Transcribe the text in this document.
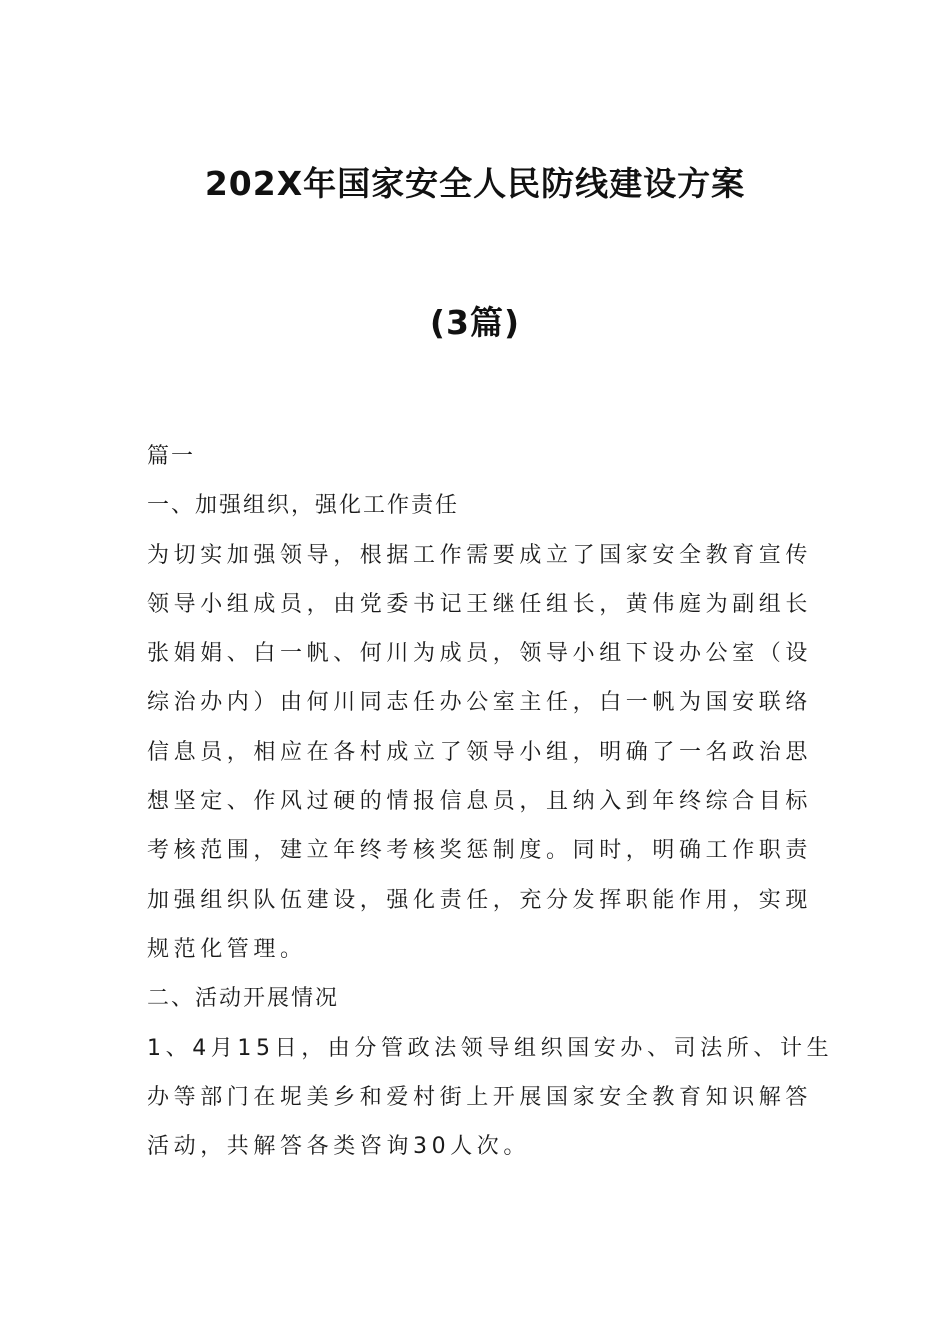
202X年国家安全人民防线建设方案
(3篇)
篇一
一、加强组织，强化工作责任
为切实加强领导，根据工作需要成立了国家安全教育宣传
领导小组成员，由党委书记王继任组长，黄伟庭为副组长
张娟娟、白一帆、何川为成员，领导小组下设办公室（设
综治办内）由何川同志任办公室主任，白一帆为国安联络
信息员，相应在各村成立了领导小组，明确了一名政治思
想坚定、作风过硬的情报信息员，且纳入到年终综合目标
考核范围，建立年终考核奖惩制度。同时，明确工作职责
加强组织队伍建设，强化责任，充分发挥职能作用，实现
规范化管理。
二、活动开展情况
1、4月15日，由分管政法领导组织国安办、司法所、计生
办等部门在坭美乡和爱村街上开展国家安全教育知识解答
活动，共解答各类咨询30人次。
